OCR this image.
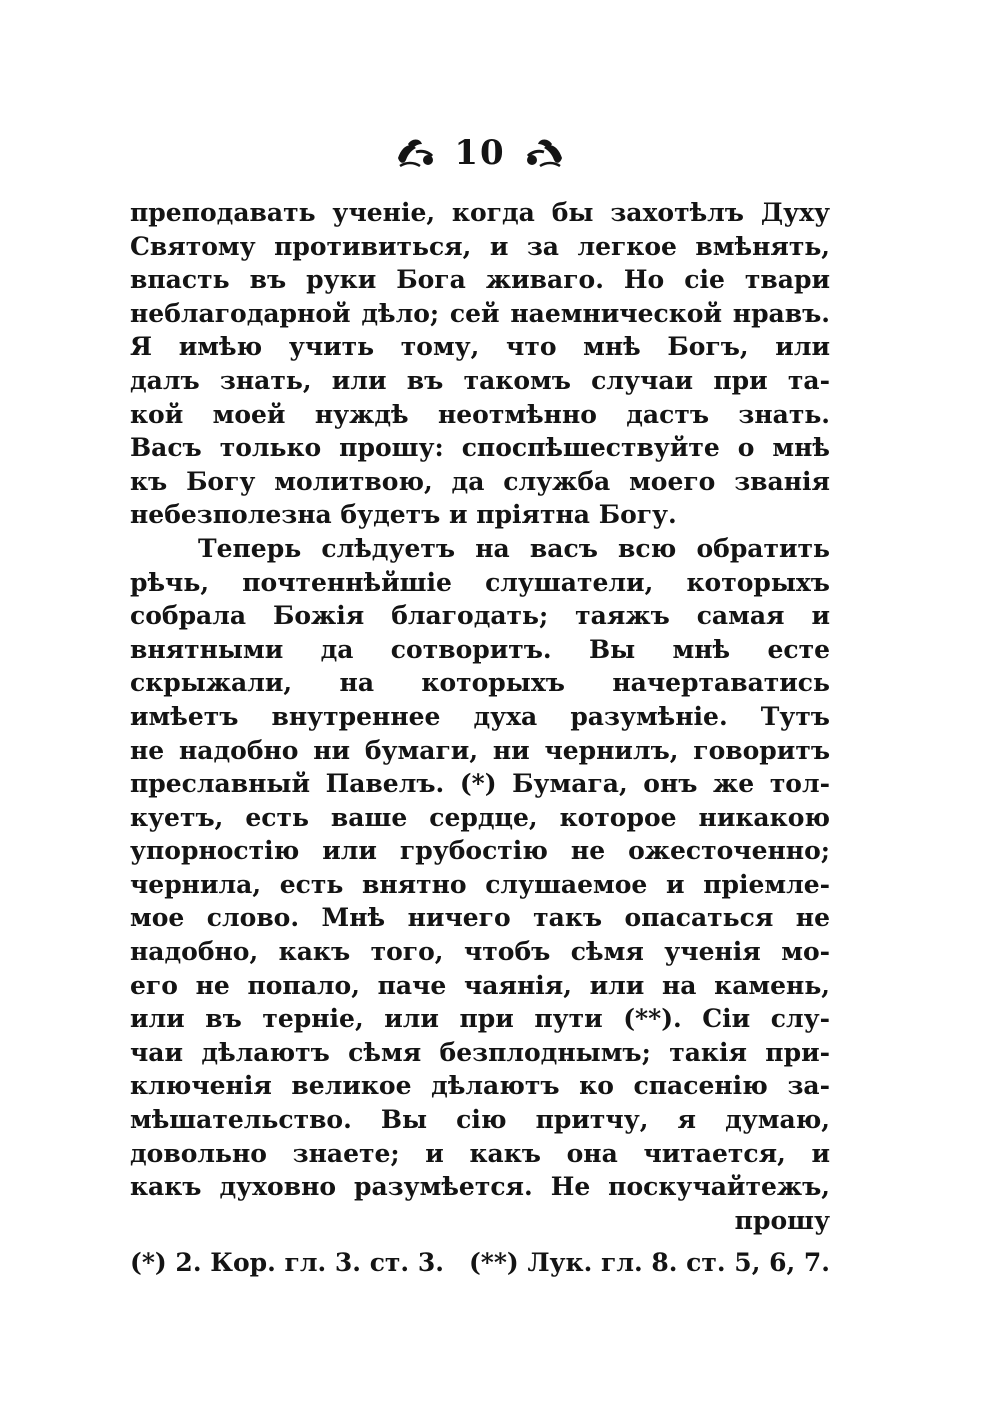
10
преподавать ученіе, когда бы захотѣлъ Духу
Святому противиться, и за легкое вмѣнять,
впасть въ руки Бога живаго. Но сіе твари
неблагодарной дѣло; сей наемнической нравъ.
Я имѣю учить тому, что мнѣ Богъ, или
далъ знать, или въ такомъ случаи при та-
кой моей нуждѣ неотмѣнно дастъ знать.
Васъ только прошу: споспѣшествуйте о мнѣ
къ Богу молитвою, да служба моего званія
небезполезна будетъ и пріятна Богу.
Теперь слѣдуетъ на васъ всю обратить
рѣчь, почтеннѣйшіе слушатели, которыхъ
собрала Божія благодать; таяжъ самая и
внятными да сотворитъ. Вы мнѣ есте
скрыжали, на которыхъ начертаватись
имѣетъ внутреннее духа разумѣніе. Тутъ
не надобно ни бумаги, ни чернилъ, говоритъ
преславный Павелъ. (*) Бумага, онъ же тол-
куетъ, есть ваше сердце, которое никакою
упорностію или грубостію не ожесточенно;
чернила, есть внятно слушаемое и пріемле-
мое слово. Мнѣ ничего такъ опасаться не
надобно, какъ того, чтобъ сѣмя ученія мо-
его не попало, паче чаянія, или на камень,
или въ терніе, или при пути (**). Сіи слу-
чаи дѣлаютъ сѣмя безплоднымъ; такія при-
ключенія великое дѣлаютъ ко спасенію за-
мѣшательство. Вы сію притчу, я думаю,
довольно знаете; и какъ она читается, и
какъ духовно разумѣется. Не поскучайтежъ,
прошу
(*) 2. Кор. гл. 3. ст. 3. (**) Лук. гл. 8. ст. 5, 6, 7.
